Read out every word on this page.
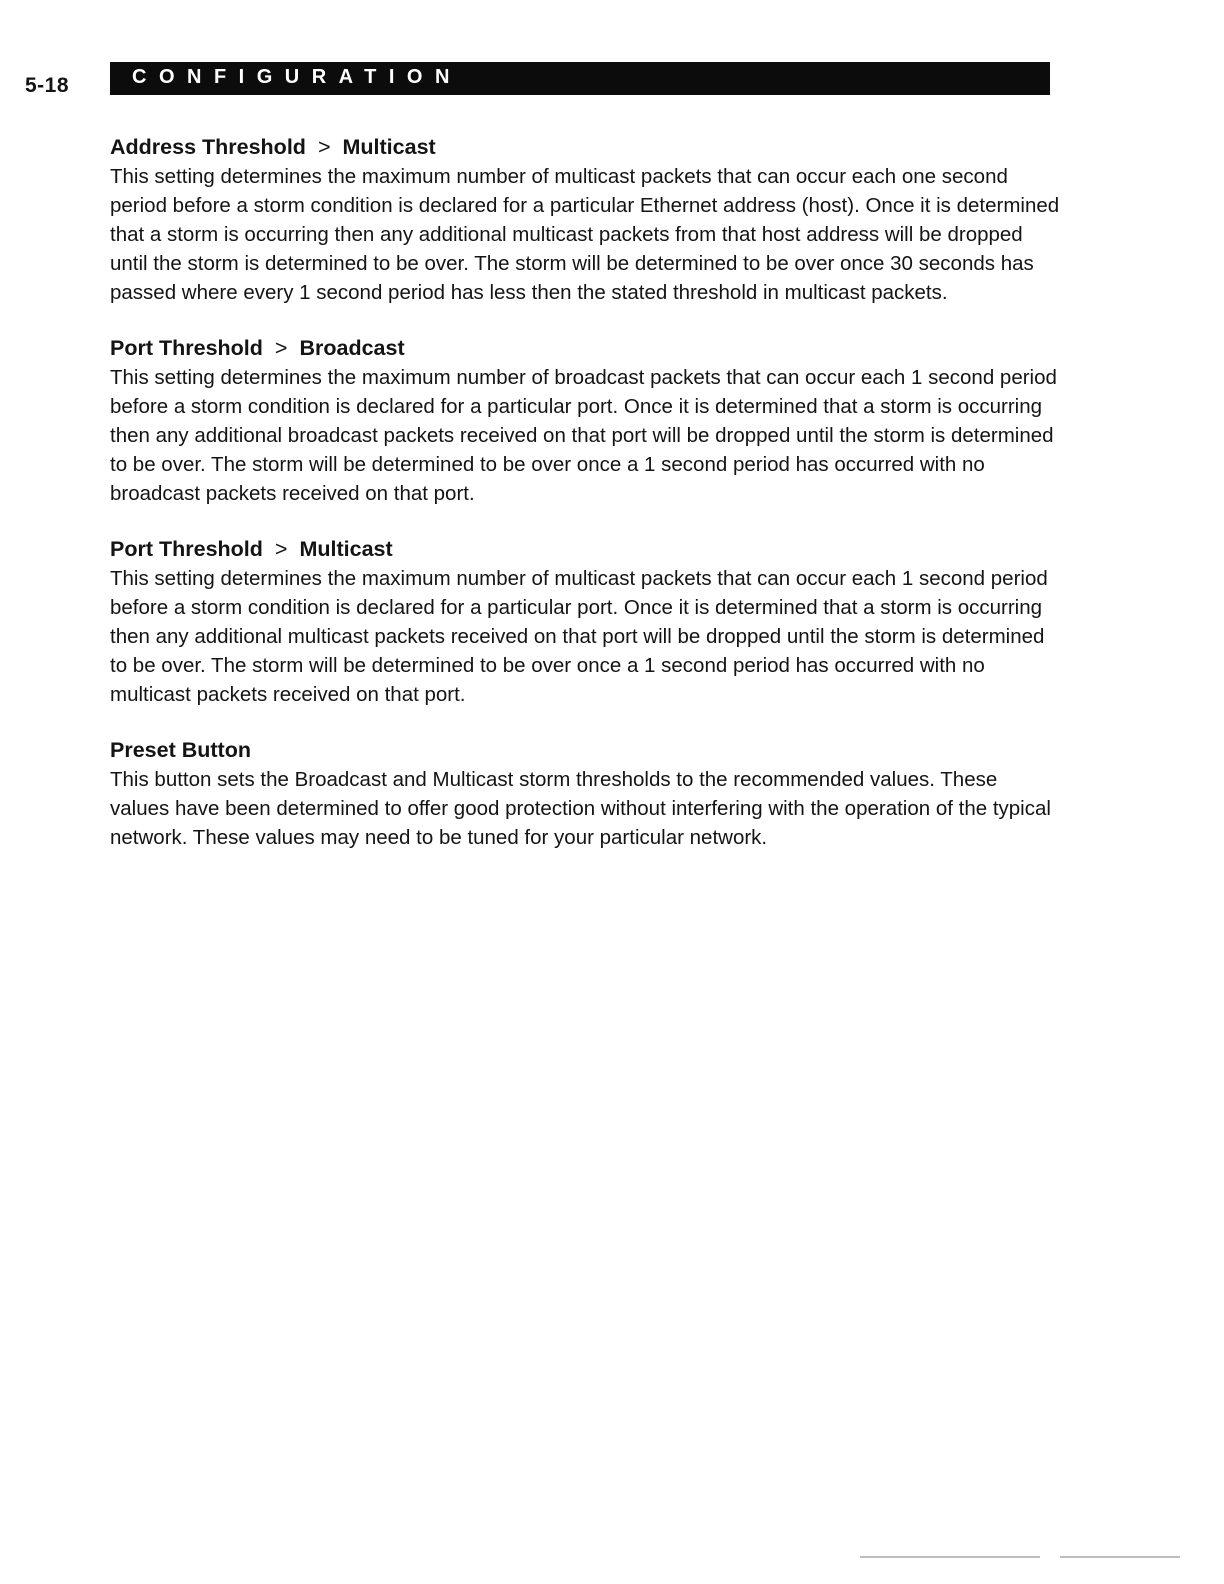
5-18	CONFIGURATION

Address Threshold > Multicast

This setting determines the maximum number of multicast packets that can occur each one second period before a storm condition is declared for a particular Ethernet address (host). Once it is determined that a storm is occurring then any additional multicast packets from that host address will be dropped until the storm is determined to be over. The storm will be determined to be over once 30 seconds has passed where every 1 second period has less then the stated threshold in multicast packets.

Port Threshold > Broadcast

This setting determines the maximum number of broadcast packets that can occur each 1 second period before a storm condition is declared for a particular port. Once it is determined that a storm is occurring then any additional broadcast packets received on that port will be dropped until the storm is determined to be over. The storm will be determined to be over once a 1 second period has occurred with no broadcast packets received on that port.

Port Threshold > Multicast

This setting determines the maximum number of multicast packets that can occur each 1 second period before a storm condition is declared for a particular port. Once it is determined that a storm is occurring then any additional multicast packets received on that port will be dropped until the storm is determined to be over. The storm will be determined to be over once a 1 second period has occurred with no multicast packets received on that port.

Preset Button

This button sets the Broadcast and Multicast storm thresholds to the recommended values. These values have been determined to offer good protection without interfering with the operation of the typical network. These values may need to be tuned for your particular network.
